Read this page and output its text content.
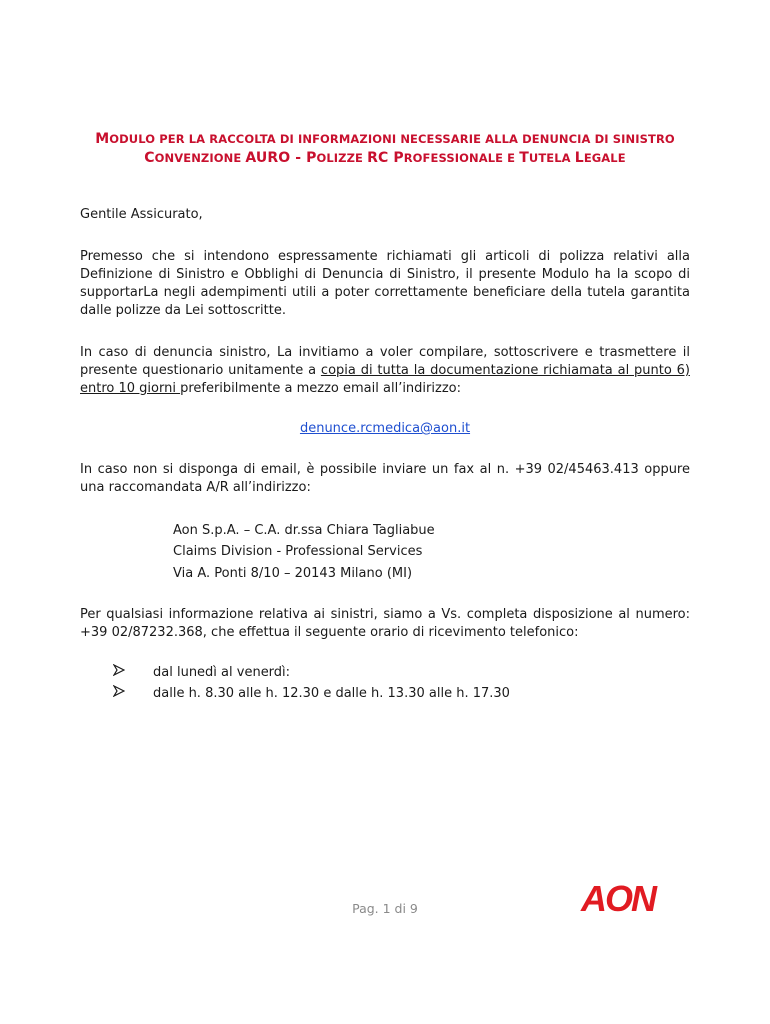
MODULO PER LA RACCOLTA DI INFORMAZIONI NECESSARIE ALLA DENUNCIA DI SINISTRO
CONVENZIONE AURO - POLIZZE RC PROFESSIONALE E TUTELA LEGALE
Gentile Assicurato,
Premesso che si intendono espressamente richiamati gli articoli di polizza relativi alla Definizione di Sinistro e Obblighi di Denuncia di Sinistro, il presente Modulo ha la scopo di supportarLa negli adempimenti utili a poter correttamente beneficiare della tutela garantita dalle polizze da Lei sottoscritte.
In caso di denuncia sinistro, La invitiamo a voler compilare, sottoscrivere e trasmettere il presente questionario unitamente a copia di tutta la documentazione richiamata al punto 6) entro 10 giorni preferibilmente a mezzo email all’indirizzo:
denunce.rcmedica@aon.it
In caso non si disponga di email, è possibile inviare un fax al n. +39 02/45463.413 oppure una raccomandata A/R all’indirizzo:
Aon S.p.A. – C.A. dr.ssa Chiara Tagliabue
Claims Division - Professional Services
Via A. Ponti 8/10 – 20143 Milano (MI)
Per qualsiasi informazione relativa ai sinistri, siamo a Vs. completa disposizione al numero: +39 02/87232.368, che effettua il seguente orario di ricevimento telefonico:
dal lunedì al venerdì:
dalle h. 8.30 alle h. 12.30 e dalle h. 13.30 alle h. 17.30
Pag. 1 di 9	AON
